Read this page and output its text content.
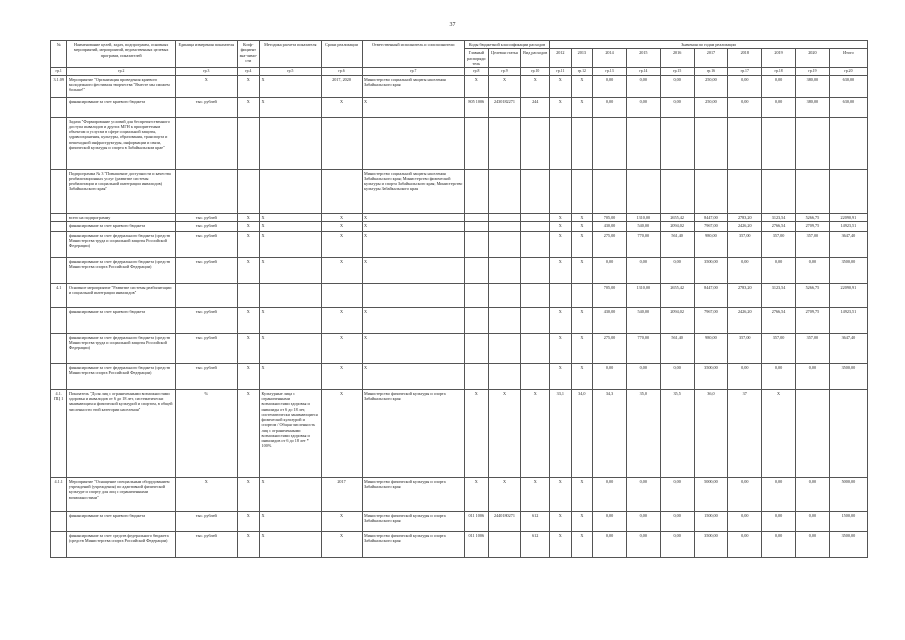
37
№	Наименование целей, задач, подпрограмм, основных мероприятий, мероприятий, ведомственных целевых программ, показателей	Единица измерения показателя	Коэф-фициент зна-чимо-сти	Методика расчета показателя	Сроки реализации	Ответственный исполнитель и соисполнители	Коды бюджетной классификации расходов			Значения по годам реализации									
							Главный распорядитель	Целевая статья	Вид расходов	2012	2013	2014	2015	2016	2017	2018	2019	2020	Итого
гр.1	гр.2	гр.3	гр.4	гр.5	гр.6	гр.7	гр.8	гр.9	гр.10	гр.11	гр.12	гр.13	гр.14	гр.15	гр.16	гр.17	гр.18	гр.19	гр.20
3.1.09	Мероприятие "Организация проведения краевого молодежного фестиваля творчества "Вместе мы сможем больше!"	Х	Х	Х	2017, 2020	Министерство социальной защиты населения Забайкальского края	Х	Х	Х	Х	Х	0,00	0,00	0,00	250,00	0,00	0,00	380,00	630,00
	финансирование за счет краевого бюджета	тыс. рублей	Х	Х	Х	Х	805 1006	2430182271	244	Х	Х	0,00	0,00	0,00	250,00	0,00	0,00	380,00	630,00
	Задача "Формирование условий для беспрепятственного доступа инвалидов и других МГН к приоритетным объектам и услугам в сфере социальной защиты, здравоохранения, культуры, образования, транспорта и пешеходной инфраструктуры, информации и связи, физической культуры и спорта в Забайкальском крае"																		
	Подпрограмма № 3 "Повышение доступности и качества реабилитационных услуг (развитие системы реабилитации и социальной интеграции инвалидов) Забайкальского края"					Министерство социальной защиты населения Забайкальского края; Министерство физической культуры и спорта Забайкальского края; Министерство культуры Забайкальского края													
	всего на подпрограмму	тыс. рублей	Х	Х	Х	Х				Х	Х	705,00	1310,00	2655,42	8447,00	2783,20	3123,54	5266,75	22090,91
	финансирование за счет краевого бюджета	тыс. рублей	Х	Х	Х	Х				Х	Х	430,00	540,00	2094,02	7967,00	2426,20	2766,54	2709,75	14923,51
	финансирование за счет федерального бюджета (средств Министерства труда и социальной защиты Российской Федерации)	тыс. рублей	Х	Х	Х	Х				Х	Х	275,00	770,00	561,40	980,00	357,00	357,00	357,00	3647,40
	финансирование за счет федерального бюджета (средств Министерства спорта Российской Федерации)	тыс. рублей	Х	Х	Х	Х				Х	Х	0,00	0,00	0,00	3500,00	0,00	0,00	0,00	3500,00
4.1	Основное мероприятие "Развитие системы реабилитации и социальной интеграции инвалидов"											705,00	1310,00	2655,42	8447,00	2783,20	3123,54	5266,75	22090,91
	финансирование за счет краевого бюджета	тыс. рублей	Х	Х	Х	Х				Х	Х	430,00	540,00	2094,02	7967,00	2426,20	2766,54	2709,75	14923,51
	финансирование за счет федерального бюджета (средств Министерства труда и социальной защиты Российской Федерации)	тыс. рублей	Х	Х	Х	Х				Х	Х	275,00	770,00	561,40	980,00	357,00	357,00	357,00	3647,40
	финансирование за счет федерального бюджета (средств Министерства спорта Российской Федерации)	тыс. рублей	Х	Х	Х	Х				Х	Х	0,00	0,00	0,00	3500,00	0,00	0,00	0,00	3500,00
4.1. ПЦ 1	Показатель "Доля лиц с ограниченными возможностями здоровья и инвалидов от 6 до 18 лет, систематически занимающихся физической культурой и спортом, в общей численности этой категории населения"	%	Х	Культурные лица с ограниченными возможностями здоровья и инвалиды от 6 до 18 лет, систематически занимающиеся физической культурой и спортом / Общая численность лиц с ограниченными возможностями здоровья и инвалидов от 6 до 18 лет * 100%	Х	Министерство физической культуры и спорта Забайкальского края	Х	Х	Х	33,1	34,0	34,3	35,0	35,5	36,0	37	Х		
4.1.1	Мероприятие "Оснащение специальным оборудованием учреждений (учреждения) по адаптивной физической культуре и спорту для лиц с ограниченными возможностями"	Х	Х	Х	2017	Министерство физической культуры и спорта Забайкальского края	Х	Х	Х	Х	Х	0,00	0,00	0,00	5000,00	0,00	0,00	0,00	5000,00
	финансирование за счет краевого бюджета	тыс. рублей	Х	Х	Х	Министерство физической культуры и спорта Забайкальского края	011 1006	2440180271	612	Х	Х	0,00	0,00	0,00	1500,00	0,00	0,00	0,00	1500,00
	финансирование за счет средств федерального бюджета (средств Министерства спорта Российской Федерации)	тыс. рублей	Х	Х	Х	Министерство физической культуры и спорта Забайкальского края	011 1006		612	Х	Х	0,00	0,00	0,00	3500,00	0,00	0,00	0,00	3500,00
